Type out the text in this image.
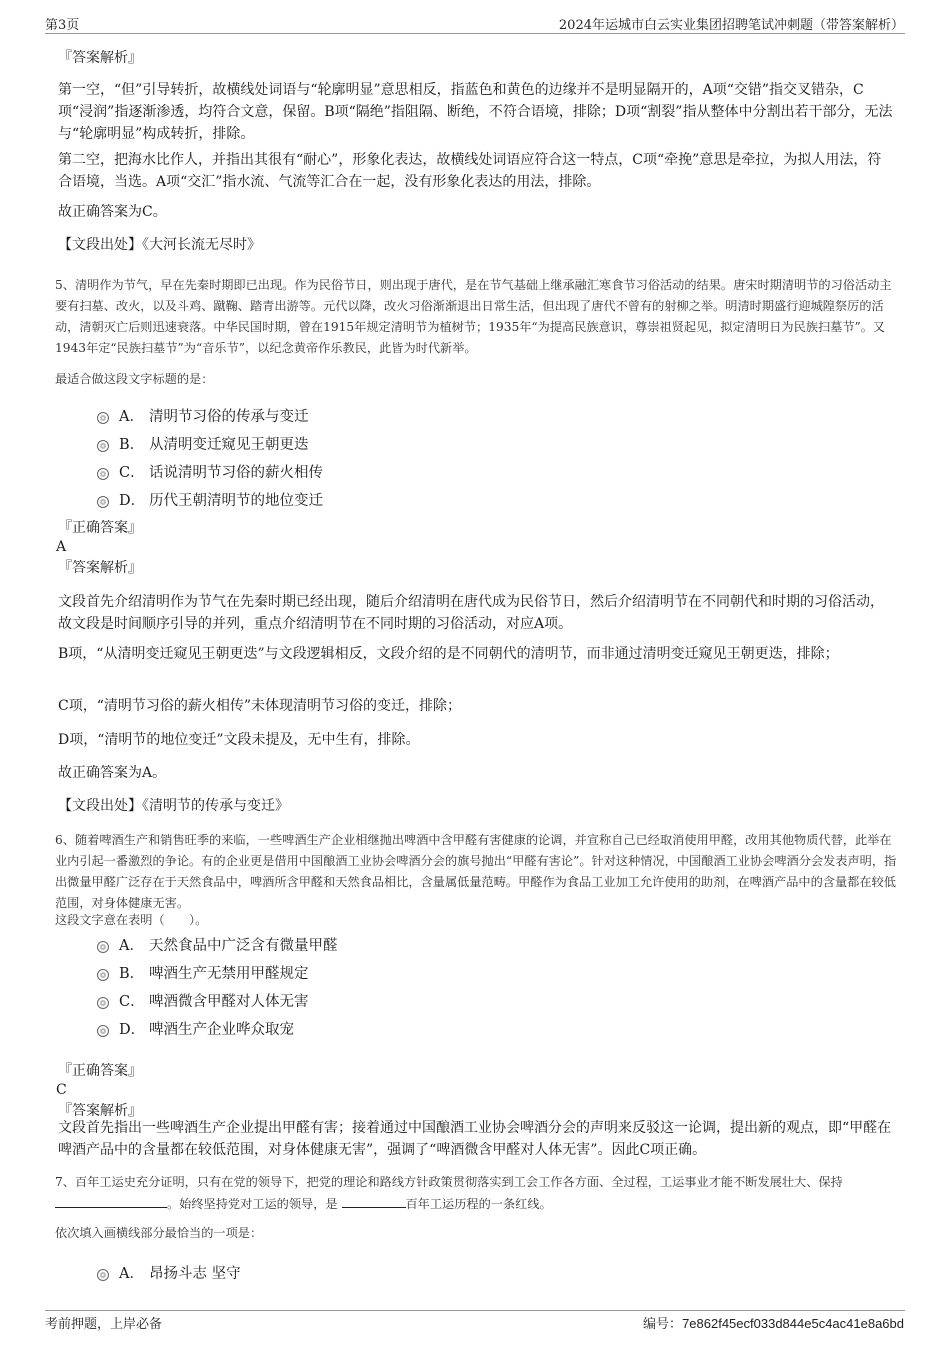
第3页	2024年运城市白云实业集团招聘笔试冲刺题（带答案解析）
『答案解析』
第一空，“但”引导转折，故横线处词语与“轮廓明显”意思相反，指蓝色和黄色的边缘并不是明显隔开的，A项“交错”指交叉错杂，C项“浸润”指逐渐渗透，均符合文意，保留。B项“隔绝”指阻隔、断绝，不符合语境，排除；D项“割裂”指从整体中分割出若干部分，无法与“轮廓明显”构成转折，排除。
第二空，把海水比作人，并指出其很有“耐心”，形象化表达，故横线处词语应符合这一特点，C项“牵挽”意思是牵拉，为拟人用法，符合语境，当选。A项“交汇”指水流、气流等汇合在一起，没有形象化表达的用法，排除。
故正确答案为C。
【文段出处】《大河长流无尽时》
5、清明作为节气，早在先秦时期即已出现。作为民俗节日，则出现于唐代，是在节气基础上继承融汇寒食节习俗活动的结果。唐宋时期清明节的习俗活动主要有扫墓、改火，以及斗鸡、蹴鞠、踏青出游等。元代以降，改火习俗渐渐退出日常生活，但出现了唐代不曾有的射柳之举。明清时期盛行迎城隍祭厉的活动，清朝灭亡后则迅速衰落。中华民国时期，曾在1915年规定清明节为植树节；1935年“为提高民族意识，尊崇祖贤起见，拟定清明日为民族扫墓节”。又1943年定“民族扫墓节”为“音乐节”，以纪念黄帝作乐教民，此皆为时代新举。
最适合做这段文字标题的是：
A． 清明节习俗的传承与变迁
B． 从清明变迁窥见王朝更迭
C． 话说清明节习俗的薪火相传
D． 历代王朝清明节的地位变迁
『正确答案』
A
『答案解析』
文段首先介绍清明作为节气在先秦时期已经出现，随后介绍清明在唐代成为民俗节日，然后介绍清明节在不同朝代和时期的习俗活动，故文段是时间顺序引导的并列，重点介绍清明节在不同时期的习俗活动，对应A项。
B项，“从清明变迁窥见王朝更迭”与文段逻辑相反，文段介绍的是不同朝代的清明节，而非通过清明变迁窥见王朝更迭，排除；
C项，“清明节习俗的薪火相传”未体现清明节习俗的变迁，排除；
D项，“清明节的地位变迁”文段未提及，无中生有，排除。
故正确答案为A。
【文段出处】《清明节的传承与变迁》
6、随着啤酒生产和销售旺季的来临，一些啤酒生产企业相继抛出啤酒中含甲醛有害健康的论调，并宣称自己已经取消使用甲醛，改用其他物质代替，此举在业内引起一番激烈的争论。有的企业更是借用中国酿酒工业协会啤酒分会的旗号抛出“甲醛有害论”。针对这种情况，中国酿酒工业协会啤酒分会发表声明，指出微量甲醛广泛存在于天然食品中，啤酒所含甲醛和天然食品相比，含量属低量范畴。甲醛作为食品工业加工允许使用的助剂，在啤酒产品中的含量都在较低范围，对身体健康无害。
这段文字意在表明（　　）。
A． 天然食品中广泛含有微量甲醛
B． 啤酒生产无禁用甲醛规定
C． 啤酒微含甲醛对人体无害
D． 啤酒生产企业哗众取宠
『正确答案』
C
『答案解析』
文段首先指出一些啤酒生产企业提出甲醛有害；接着通过中国酿酒工业协会啤酒分会的声明来反驳这一论调，提出新的观点，即“甲醛在啤酒产品中的含量都在较低范围，对身体健康无害”，强调了“啤酒微含甲醛对人体无害”。因此C项正确。
7、百年工运史充分证明，只有在党的领导下，把党的理论和路线方针政策贯彻落实到工会工作各方面、全过程，工运事业才能不断发展壮大、保持 。始终坚持党对工运的领导，是	百年工运历程的一条红线。
依次填入画横线部分最恰当的一项是：
A． 昂扬斗志 坚守
考前押题，上岸必备	编号：7e862f45ecf033d844e5c4ac41e8a6bd
